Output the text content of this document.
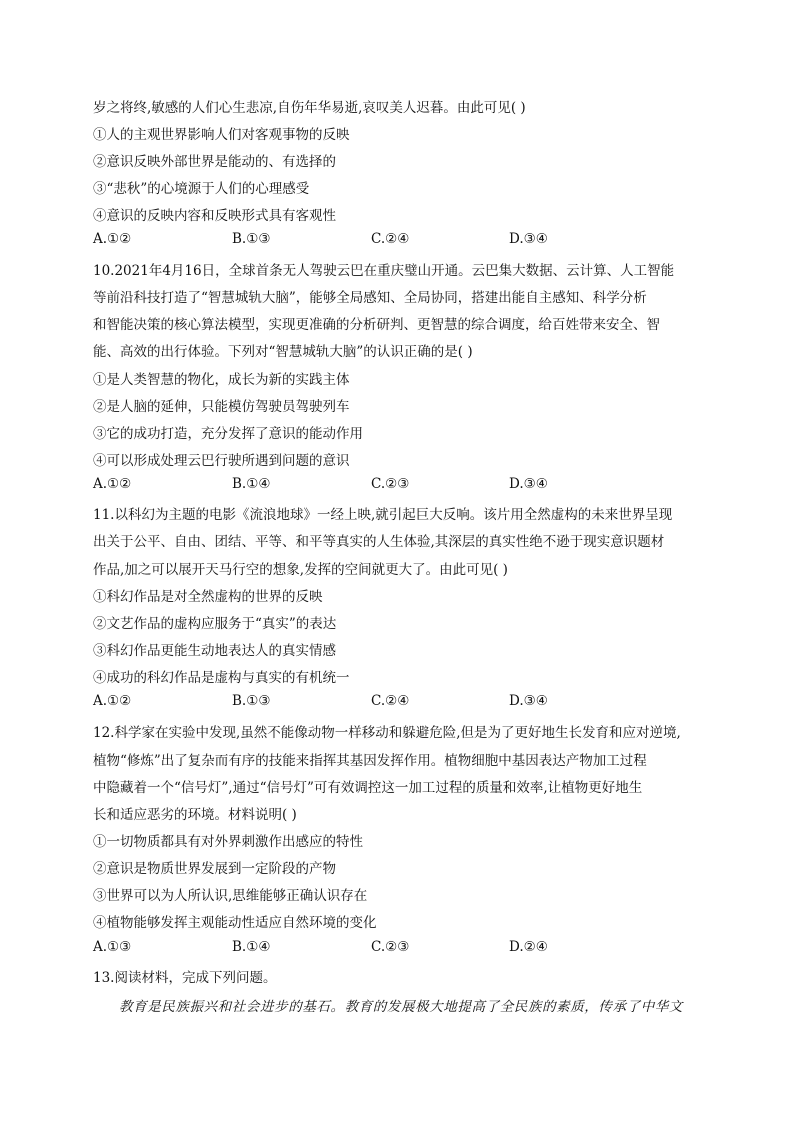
岁之将终,敏感的人们心生悲凉,自伤年华易逝,哀叹美人迟暮。由此可见( )
①人的主观世界影响人们对客观事物的反映
②意识反映外部世界是能动的、有选择的
③“悲秋”的心境源于人们的心理感受
④意识的反映内容和反映形式具有客观性
A.①②	B.①③	C.②④	D.③④
10.2021年4月16日，全球首条无人驾驶云巴在重庆璧山开通。云巴集大数据、云计算、人工智能
等前沿科技打造了“智慧城轨大脑”，能够全局感知、全局协同，搭建出能自主感知、科学分析
和智能决策的核心算法模型，实现更准确的分析研判、更智慧的综合调度，给百姓带来安全、智
能、高效的出行体验。下列对“智慧城轨大脑”的认识正确的是( )
①是人类智慧的物化，成长为新的实践主体
②是人脑的延伸，只能模仿驾驶员驾驶列车
③它的成功打造，充分发挥了意识的能动作用
④可以形成处理云巴行驶所遇到问题的意识
A.①②	B.①④	C.②③	D.③④
11.以科幻为主题的电影《流浪地球》一经上映,就引起巨大反响。该片用全然虚构的未来世界呈现
出关于公平、自由、团结、平等、和平等真实的人生体验,其深层的真实性绝不逊于现实意识题材
作品,加之可以展开天马行空的想象,发挥的空间就更大了。由此可见( )
①科幻作品是对全然虚构的世界的反映
②文艺作品的虚构应服务于“真实”的表达
③科幻作品更能生动地表达人的真实情感
④成功的科幻作品是虚构与真实的有机统一
A.①②	B.①③	C.②④	D.③④
12.科学家在实验中发现,虽然不能像动物一样移动和躲避危险,但是为了更好地生长发育和应对逆境,
植物“修炼”出了复杂而有序的技能来指挥其基因发挥作用。植物细胞中基因表达产物加工过程
中隐藏着一个“信号灯”,通过“信号灯”可有效调控这一加工过程的质量和效率,让植物更好地生
长和适应恶劣的环境。材料说明( )
①一切物质都具有对外界刺激作出感应的特性
②意识是物质世界发展到一定阶段的产物
③世界可以为人所认识,思维能够正确认识存在
④植物能够发挥主观能动性适应自然环境的变化
A.①③	B.①④	C.②③	D.②④
13.阅读材料，完成下列问题。
教育是民族振兴和社会进步的基石。教育的发展极大地提高了全民族的素质，传承了中华文
